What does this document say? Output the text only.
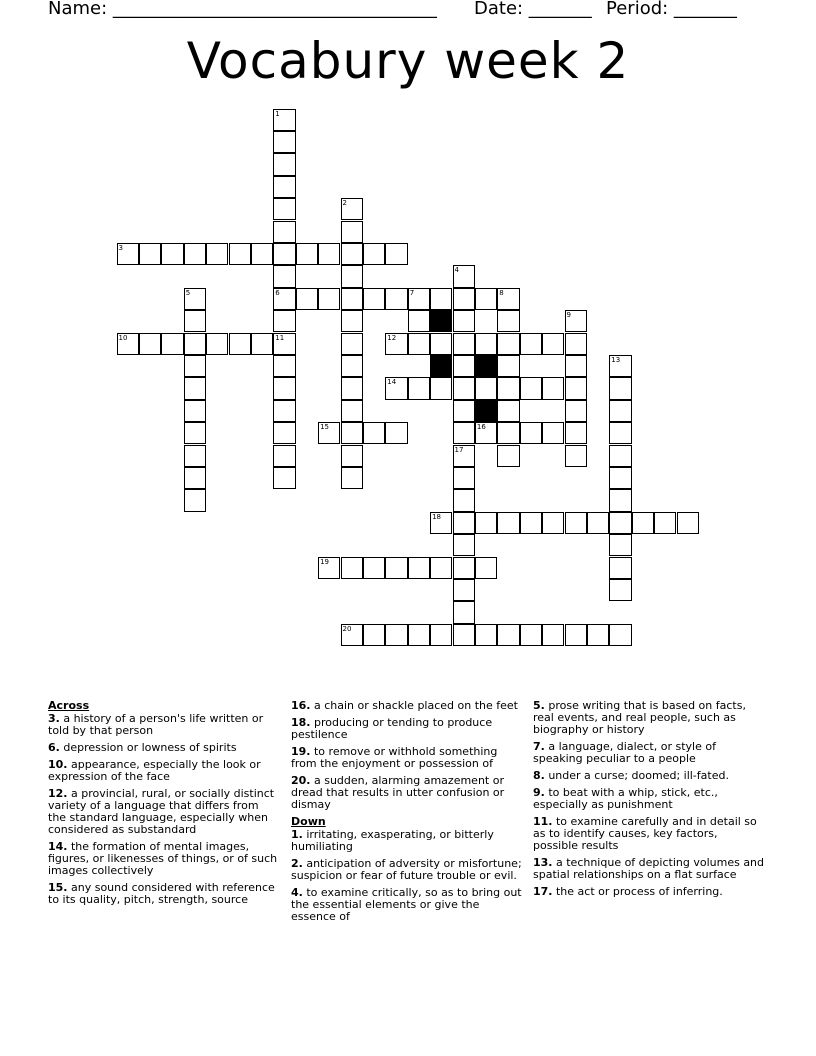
Name: ____________________________________ Date: _______ Period: _______
Vocabury week 2
1
6
11
2
3
4
5	7
10	12
14
15	16
8
9
13
17
18
19
20
Across
3. a history of a person's life written or told by that person
6. depression or lowness of spirits
10. appearance, especially the look or expression of the face
12. a provincial, rural, or socially distinct variety of a language that differs from the standard language, especially when considered as substandard
14. the formation of mental images, figures, or likenesses of things, or of such images collectively
15. any sound considered with reference to its quality, pitch, strength, source
16. a chain or shackle placed on the feet
18. producing or tending to produce pestilence
19. to remove or withhold something from the enjoyment or possession of
20. a sudden, alarming amazement or dread that results in utter confusion or dismay
Down
1. irritating, exasperating, or bitterly humiliating
2. anticipation of adversity or misfortune; suspicion or fear of future trouble or evil.
4. to examine critically, so as to bring out the essential elements or give the essence of
5. prose writing that is based on facts, real events, and real people, such as biography or history
7. a language, dialect, or style of speaking peculiar to a people
8. under a curse; doomed; ill-fated.
9. to beat with a whip, stick, etc., especially as punishment
11. to examine carefully and in detail so as to identify causes, key factors, possible results
13. a technique of depicting volumes and spatial relationships on a flat surface
17. the act or process of inferring.
